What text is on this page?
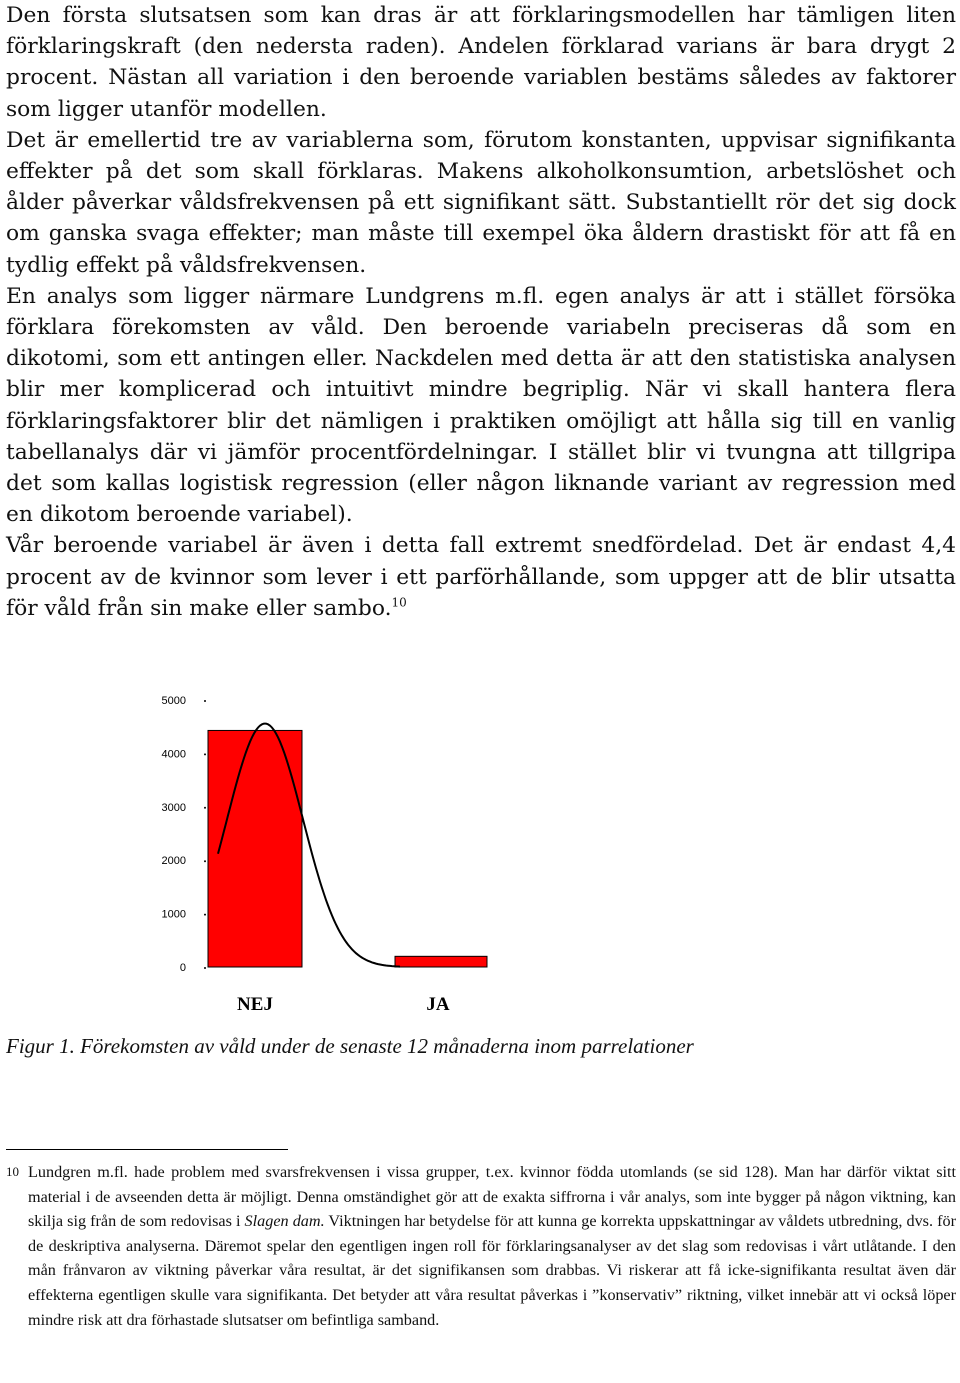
Den första slutsatsen som kan dras är att förklaringsmodellen har tämligen liten förklaringskraft (den nedersta raden). Andelen förklarad varians är bara drygt 2 procent. Nästan all variation i den beroende variablen bestäms således av faktorer som ligger utanför modellen.

Det är emellertid tre av variablerna som, förutom konstanten, uppvisar signifikanta effekter på det som skall förklaras. Makens alkoholkonsumtion, arbetslöshet och ålder påverkar våldsfrekvensen på ett signifikant sätt. Substantiellt rör det sig dock om ganska svaga effekter; man måste till exempel öka åldern drastiskt för att få en tydlig effekt på våldsfrekvensen.

En analys som ligger närmare Lundgrens m.fl. egen analys är att i stället försöka förklara förekomsten av våld. Den beroende variabeln preciseras då som en dikotomi, som ett antingen eller. Nackdelen med detta är att den statistiska analysen blir mer komplicerad och intuitivt mindre begriplig. När vi skall hantera flera förklaringsfaktorer blir det nämligen i praktiken omöjligt att hålla sig till en vanlig tabellanalys där vi jämför procentfördelningar. I stället blir vi tvungna att tillgripa det som kallas logistisk regression (eller någon liknande variant av regression med en dikotom beroende variabel).

Vår beroende variabel är även i detta fall extremt snedfördelad. Det är endast 4,4 procent av de kvinnor som lever i ett parförhållande, som uppger att de blir utsatta för våld från sin make eller sambo.$^{10}$

0
1000
2000
3000
4000
5000
NEJ	JA
Figur 1. Förekomsten av våld under de senaste 12 månaderna inom parrelationer
10 Lundgren m.fl. hade problem med svarsfrekvensen i vissa grupper, t.ex. kvinnor födda utomlands (se sid 128). Man har därför viktat sitt material i de avseenden detta är möjligt. Denna omständighet gör att de exakta siffrorna i vår analys, som inte bygger på någon viktning, kan skilja sig från de som redovisas i Slagen dam. Viktningen har betydelse för att kunna ge korrekta uppskattningar av våldets utbredning, dvs. för de deskriptiva analyserna. Däremot spelar den egentligen ingen roll för förklaringsanalyser av det slag som redovisas i vårt utlåtande. I den mån frånvaron av viktning påverkar våra resultat, är det signifikansen som drabbas. Vi riskerar att få icke-signifikanta resultat även där effekterna egentligen skulle vara signifikanta. Det betyder att våra resultat påverkas i ”konservativ” riktning, vilket innebär att vi också löper mindre risk att dra förhastade slutsatser om befintliga samband.
